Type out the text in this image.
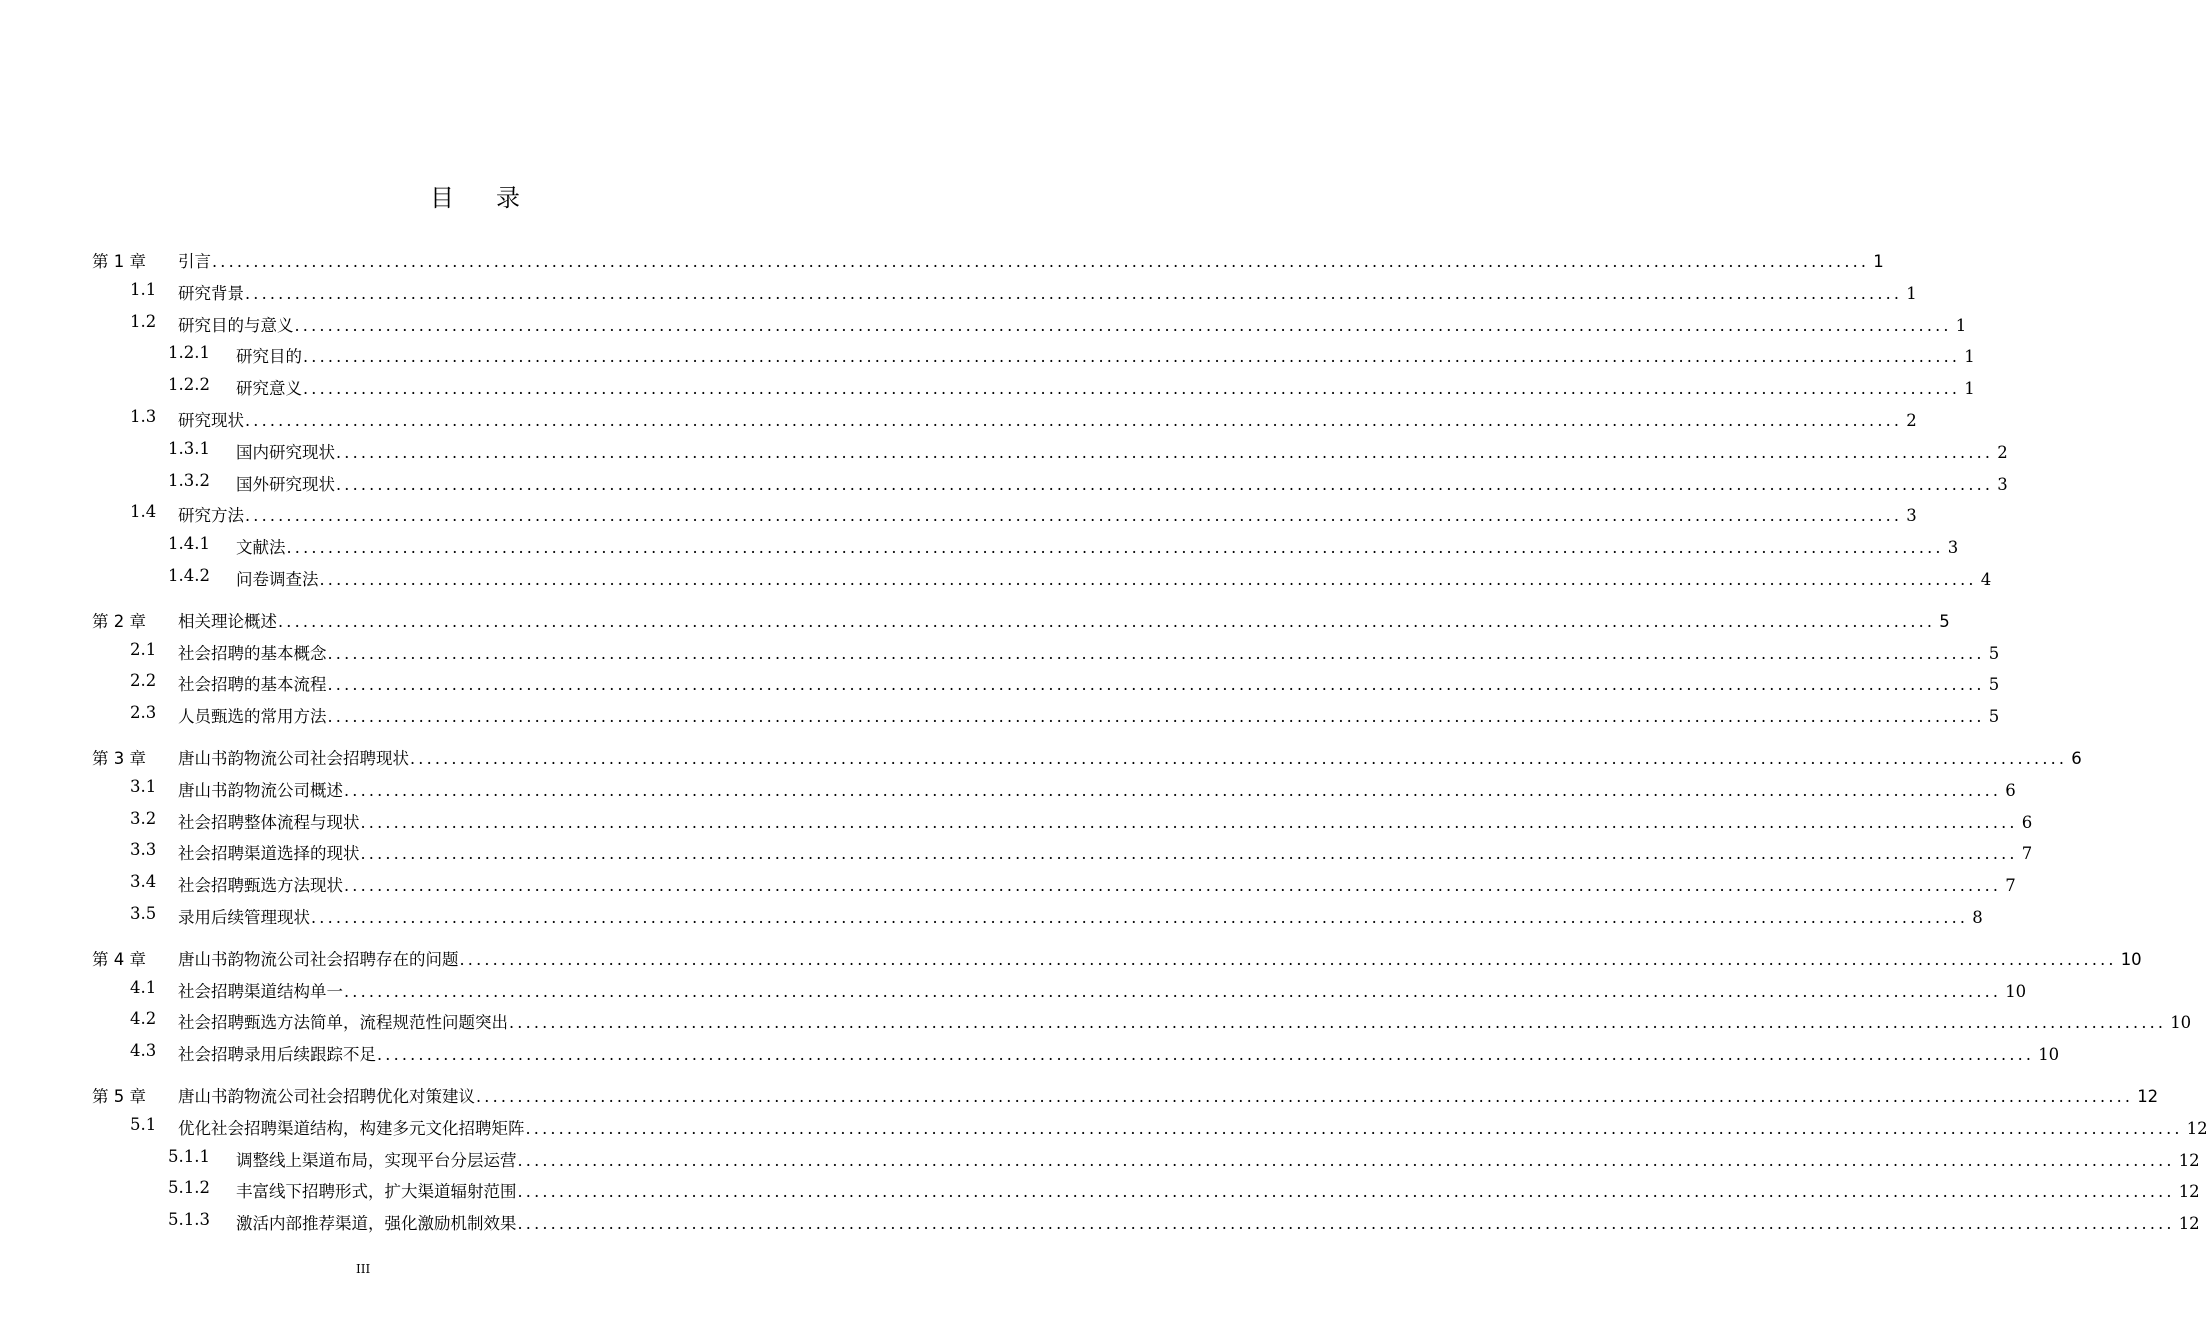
目 录
第 1 章 引言 ........................................................................................................................................................................................................ 1
1.1 研究背景 ........................................................................................................................................................................................................ 1
1.2 研究目的与意义 ........................................................................................................................................................................................................ 1
1.2.1 研究目的 ........................................................................................................................................................................................................ 1
1.2.2 研究意义 ........................................................................................................................................................................................................ 1
1.3 研究现状 ........................................................................................................................................................................................................ 2
1.3.1 国内研究现状 ........................................................................................................................................................................................................ 2
1.3.2 国外研究现状 ........................................................................................................................................................................................................ 3
1.4 研究方法 ........................................................................................................................................................................................................ 3
1.4.1 文献法 ........................................................................................................................................................................................................ 3
1.4.2 问卷调查法 ........................................................................................................................................................................................................ 4
第 2 章 相关理论概述 ........................................................................................................................................................................................................ 5
2.1 社会招聘的基本概念 ........................................................................................................................................................................................................ 5
2.2 社会招聘的基本流程 ........................................................................................................................................................................................................ 5
2.3 人员甄选的常用方法 ........................................................................................................................................................................................................ 5
第 3 章 唐山书韵物流公司社会招聘现状 ........................................................................................................................................................................................................ 6
3.1 唐山书韵物流公司概述 ........................................................................................................................................................................................................ 6
3.2 社会招聘整体流程与现状 ........................................................................................................................................................................................................ 6
3.3 社会招聘渠道选择的现状 ........................................................................................................................................................................................................ 7
3.4 社会招聘甄选方法现状 ........................................................................................................................................................................................................ 7
3.5 录用后续管理现状 ........................................................................................................................................................................................................ 8
第 4 章 唐山书韵物流公司社会招聘存在的问题 ........................................................................................................................................................................................................ 10
4.1 社会招聘渠道结构单一 ........................................................................................................................................................................................................ 10
4.2 社会招聘甄选方法简单，流程规范性问题突出 ........................................................................................................................................................................................................ 10
4.3 社会招聘录用后续跟踪不足 ........................................................................................................................................................................................................ 10
第 5 章 唐山书韵物流公司社会招聘优化对策建议 ........................................................................................................................................................................................................ 12
5.1 优化社会招聘渠道结构，构建多元文化招聘矩阵 ........................................................................................................................................................................................................ 12
5.1.1 调整线上渠道布局，实现平台分层运营 ........................................................................................................................................................................................................ 12
5.1.2 丰富线下招聘形式，扩大渠道辐射范围 ........................................................................................................................................................................................................ 12
5.1.3 激活内部推荐渠道，强化激励机制效果 ........................................................................................................................................................................................................ 12
III
